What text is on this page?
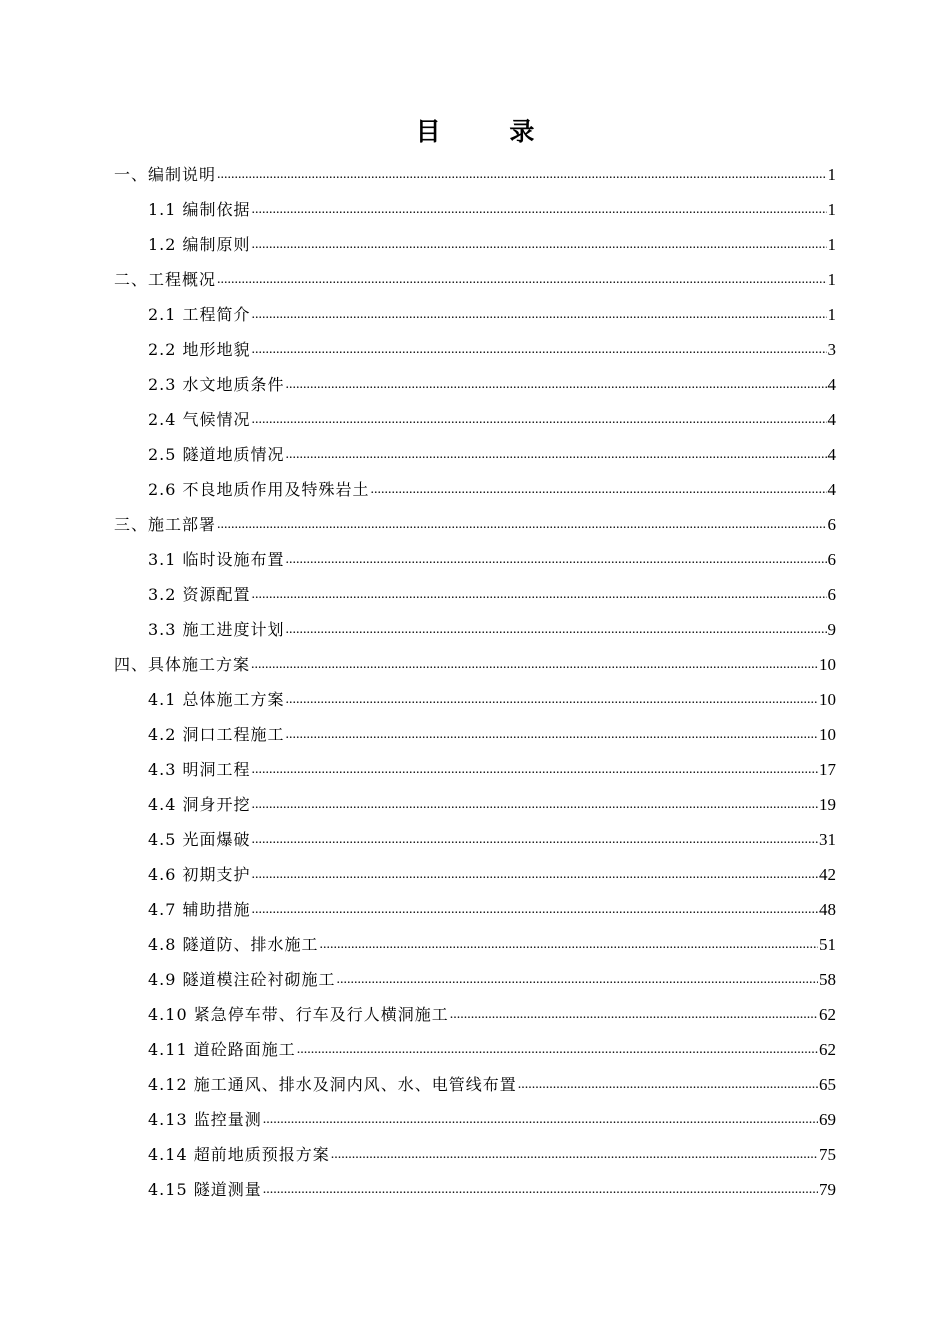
目 录
一、编制说明 .....	1
1.1 编制依据 .....	1
1.2 编制原则 .....	1
二、工程概况 .....	1
2.1 工程简介 .....	1
2.2 地形地貌 .....	3
2.3 水文地质条件 .....	4
2.4 气候情况 .....	4
2.5 隧道地质情况 .....	4
2.6 不良地质作用及特殊岩土 .....	4
三、施工部署 .....	6
3.1 临时设施布置 .....	6
3.2 资源配置 .....	6
3.3 施工进度计划 .....	9
四、具体施工方案 .....	10
4.1 总体施工方案 .....	10
4.2 洞口工程施工 .....	10
4.3 明洞工程 .....	17
4.4 洞身开挖 .....	19
4.5 光面爆破 .....	31
4.6 初期支护 .....	42
4.7 辅助措施 .....	48
4.8 隧道防、排水施工 .....	51
4.9 隧道模注砼衬砌施工 .....	58
4.10 紧急停车带、行车及行人横洞施工 .....	62
4.11 道砼路面施工 .....	62
4.12 施工通风、排水及洞内风、水、电管线布置 .....	65
4.13 监控量测 .....	69
4.14 超前地质预报方案 .....	75
4.15 隧道测量 .....	79
